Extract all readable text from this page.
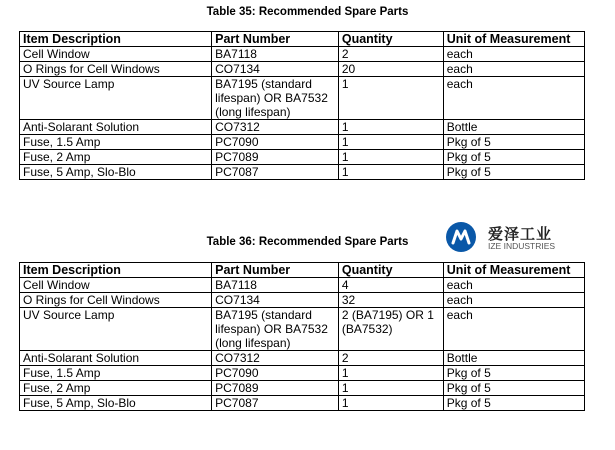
Table 35: Recommended Spare Parts
Item Description	Part Number	Quantity	Unit of Measurement
Cell Window	BA7118	2	each
O Rings for Cell Windows	CO7134	20	each
UV Source Lamp	BA7195 (standard lifespan) OR BA7532 (long lifespan)	1	each
Anti-Solarant Solution	CO7312	1	Bottle
Fuse, 1.5 Amp	PC7090	1	Pkg of 5
Fuse, 2 Amp	PC7089	1	Pkg of 5
Fuse, 5 Amp, Slo-Blo	PC7087	1	Pkg of 5
爱泽工业
IZE INDUSTRIES
Table 36: Recommended Spare Parts
Item Description	Part Number	Quantity	Unit of Measurement
Cell Window	BA7118	4	each
O Rings for Cell Windows	CO7134	32	each
UV Source Lamp	BA7195 (standard lifespan) OR BA7532 (long lifespan)	2 (BA7195) OR 1 (BA7532)	each
Anti-Solarant Solution	CO7312	2	Bottle
Fuse, 1.5 Amp	PC7090	1	Pkg of 5
Fuse, 2 Amp	PC7089	1	Pkg of 5
Fuse, 5 Amp, Slo-Blo	PC7087	1	Pkg of 5
